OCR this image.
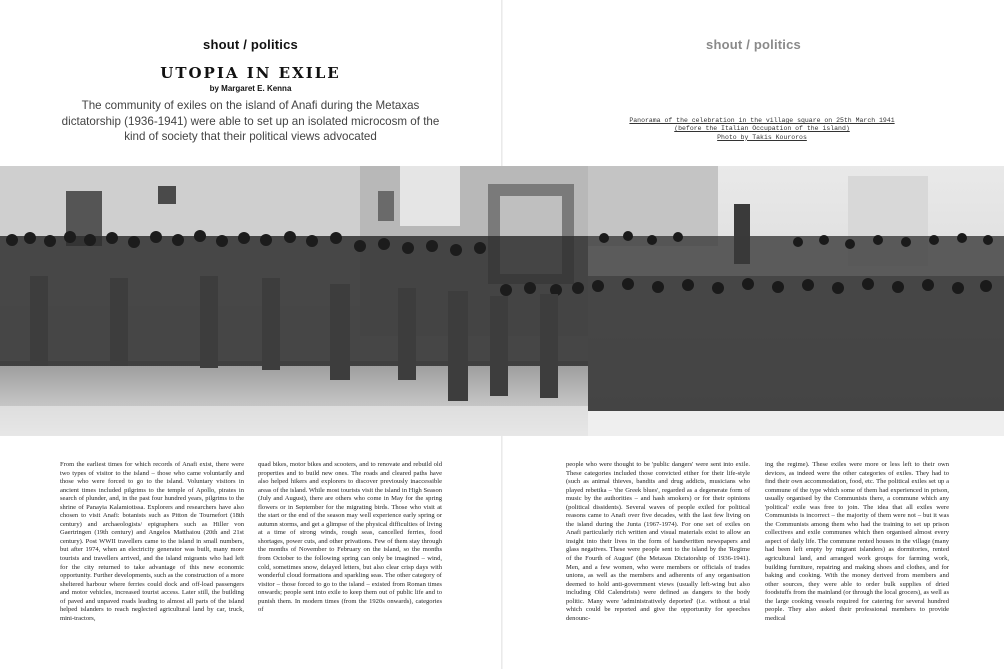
shout / politics	shout / politics
UTOPIA IN EXILE
by Margaret E. Kenna
The community of exiles on the island of Anafi during the Metaxas dictatorship (1936-1941) were able to set up an isolated microcosm of the kind of society that their political views advocated
Panorama of the celebration in the village square on 25th March 1941
(before the Italian Occupation of the island)
Photo by Takis Kouroros

From the earliest times for which records of Anafi exist, there were two types of visitor to the island – those who came voluntarily and those who were forced to go to the island. Voluntary visitors in ancient times included pilgrims to the temple of Apollo, pirates in search of plunder, and, in the past four hundred years, pilgrims to the shrine of Panayia Kalamiotissa. Explorers and researchers have also chosen to visit Anafi: botanists such as Pitton de Tournefort (18th century) and archaeologists/ epigraphers such as Hiller von Gaertringen (19th century) and Angelos Matthaiou (20th and 21st century). Post WWII travellers came to the island in small numbers, but after 1974, when an electricity generator was built, many more tourists and travellers arrived, and the island migrants who had left for the city returned to take advantage of this new economic opportunity. Further developments, such as the construction of a more sheltered harbour where ferries could dock and off-load passengers and motor vehicles, increased tourist access. Later still, the building of paved and unpaved roads leading to almost all parts of the island helped islanders to reach neglected agricultural land by car, truck, mini-tractors,

quad bikes, motor bikes and scooters, and to renovate and rebuild old properties and to build new ones. The roads and cleared paths have also helped hikers and explorers to discover previously inaccessible areas of the island. While most tourists visit the island in High Season (July and August), there are others who come in May for the spring flowers or in September for the migrating birds. Those who visit at the start or the end of the season may well experience early spring or autumn storms, and get a glimpse of the physical difficulties of living at a time of strong winds, rough seas, cancelled ferries, food shortages, power cuts, and other privations. Few of them stay through the months of November to February on the island, so the months from October to the following spring can only be imagined – wind, cold, sometimes snow, delayed letters, but also clear crisp days with wonderful cloud formations and sparkling seas. The other category of visitor – those forced to go to the island – existed from Roman times onwards; people sent into exile to keep them out of public life and to punish them. In modern times (from the 1920s onwards), categories of

people who were thought to be 'public dangers' were sent into exile. These categories included those convicted either for their life-style (such as animal thieves, bandits and drug addicts, musicians who played rebetika – 'the Greek blues', regarded as a degenerate form of music by the authorities – and hash smokers) or for their opinions (political dissidents). Several waves of people exiled for political reasons came to Anafi over five decades, with the last few living on the island during the Junta (1967-1974). For one set of exiles on Anafi particularly rich written and visual materials exist to allow an insight into their lives in the form of handwritten newspapers and glass negatives. These were people sent to the island by the 'Regime of the Fourth of August' (the Metaxas Dictatorship of 1936-1941). Men, and a few women, who were members or officials of trades unions, as well as the members and adherents of any organisation deemed to hold anti-government views (usually left-wing but also including Old Calendrists) were defined as dangers to the body politic. Many were 'administratively deported' (i.e. without a trial which could be reported and give the opportunity for speeches denounc-

ing the regime). These exiles were more or less left to their own devices, as indeed were the other categories of exiles. They had to find their own accommodation, food, etc. The political exiles set up a commune of the type which some of them had experienced in prison, usually organised by the Communists there, a commune which any 'political' exile was free to join. The idea that all exiles were Communists is incorrect – the majority of them were not – but it was the Communists among them who had the training to set up prison collectives and exile communes which then organised almost every aspect of daily life. The commune rented houses in the village (many had been left empty by migrant islanders) as dormitories, rented agricultural land, and arranged work groups for farming work, building furniture, repairing and making shoes and clothes, and for baking and cooking. With the money derived from members and other sources, they were able to order bulk supplies of dried foodstuffs from the mainland (or through the local grocers), as well as the large cooking vessels required for catering for several hundred people. They also asked their professional members to provide medical
